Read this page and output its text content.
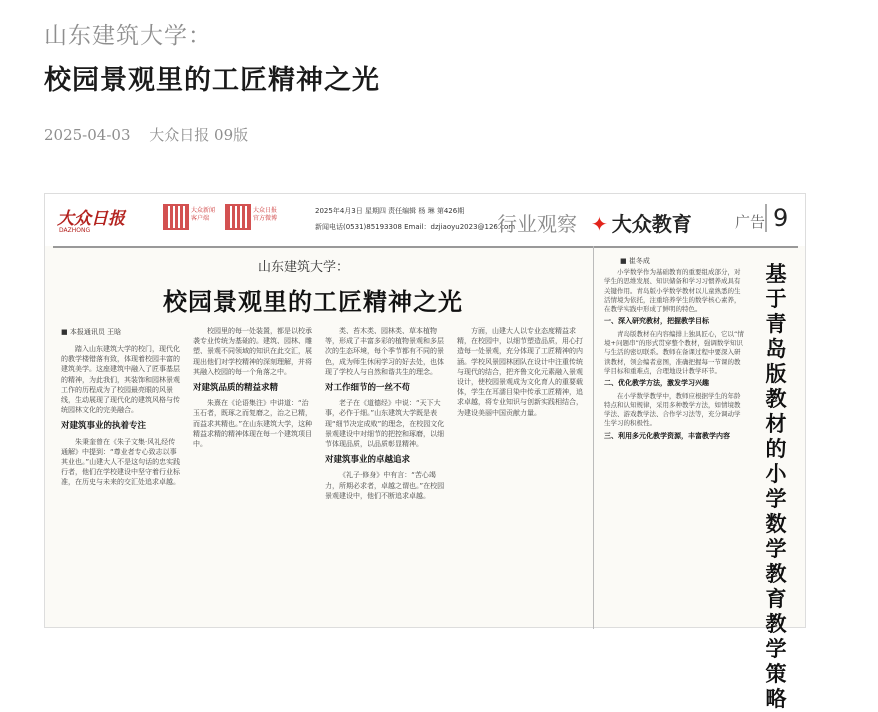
山东建筑大学：
校园景观里的工匠精神之光
2025-04-03 大众日报 09版
大众日报
DAZHONG
大众新闻客户端
大众日报官方微博
2025年4月3日 星期四 责任编辑 杨 琳 第426期
新闻电话(0531)85193308 Email：dzjiaoyu2023@126.com
行业观察 ✦ 大众教育	广告 9
山东建筑大学：
校园景观里的工匠精神之光
■ 本报通讯员 王晗

踏入山东建筑大学的校门，现代化的教学楼错落有致，体现着校园丰富的建筑美学。这座建筑中融入了匠事基层的精神，为此我们，其装饰和园林景观工作的历程成为了校园最亮眼的风景线，生动展现了现代化的建筑风格与传统园林文化的完美融合。

对建筑事业的执着专注

朱秉奎曾在《朱子文集·风礼经传通解》中提到：“尊业者专心致志以事其业也。”山建大人不是这句话的忠实践行者，他们在学校建设中坚守着行业标准，在历史与未来的交汇处追求卓越。

校园里的每一处装置，都是以校承袭专业传统为基础的。建筑、园林、雕塑、景观不同领域的知识在此交汇，展现出他们对学校精神的深刻理解，并将其融入校园的每一个角落之中。

对建筑品质的精益求精

朱熹在《论语集注》中讲道：“治玉石者，既琢之而复磨之，治之已精，而益求其精也。”在山东建筑大学，这种精益求精的精神体现在每一个建筑项目中。

类、苔木类、园林类、草本植物等，形成了丰富多彩的植物景观和多层次的生态环境，每个季节都有不同的景色，成为师生休闲学习的好去处，也体现了学校人与自然和谐共生的理念。

对工作细节的一丝不苟

老子在《道德经》中说：“天下大事，必作于细。”山东建筑大学既是表现“细节决定成败”的理念，在校园文化景观建设中对细节的把控和琢磨，以细节体现品质，以品质彰显精神。

对建筑事业的卓越追求

《礼子·修身》中有言：“苦心竭力，所期必求者，卓越之谓也。”在校园景观建设中，他们不断追求卓越。

方面，山建大人以专业态度精益求精，在校园中，以细节塑造品质，用心打造每一处景观，充分体现了工匠精神的内涵。学校风景园林团队在设计中注重传统与现代的结合，把齐鲁文化元素融入景观设计，使校园景观成为文化育人的重要载体，学生在耳濡目染中传承工匠精神，追求卓越，将专业知识与创新实践相结合，为建设美丽中国贡献力量。

■ 崔冬成

小学数学作为基础教育的重要组成部分，对学生的思维发展、知识储备和学习习惯养成具有关键作用。青岛版小学数学教材以儿童熟悉的生活情境为依托，注重培养学生的数学核心素养，在教学实践中形成了鲜明的特色。

一、深入研究教材，把握教学目标

青岛版教材在内容编排上独具匠心，它以“情境+问题串”的形式贯穿整个教材，强调数学知识与生活的密切联系。教师在备课过程中要深入研读教材，领会编者意图，准确把握每一节课的教学目标和重难点，合理地设计教学环节。

二、优化教学方法，激发学习兴趣

在小学数学教学中，教师应根据学生的年龄特点和认知规律，采用多种教学方法，如情境教学法、游戏教学法、合作学习法等，充分调动学生学习的积极性。

三、利用多元化教学资源，丰富教学内容
基于青岛版教材的小学数学教育教学策略
